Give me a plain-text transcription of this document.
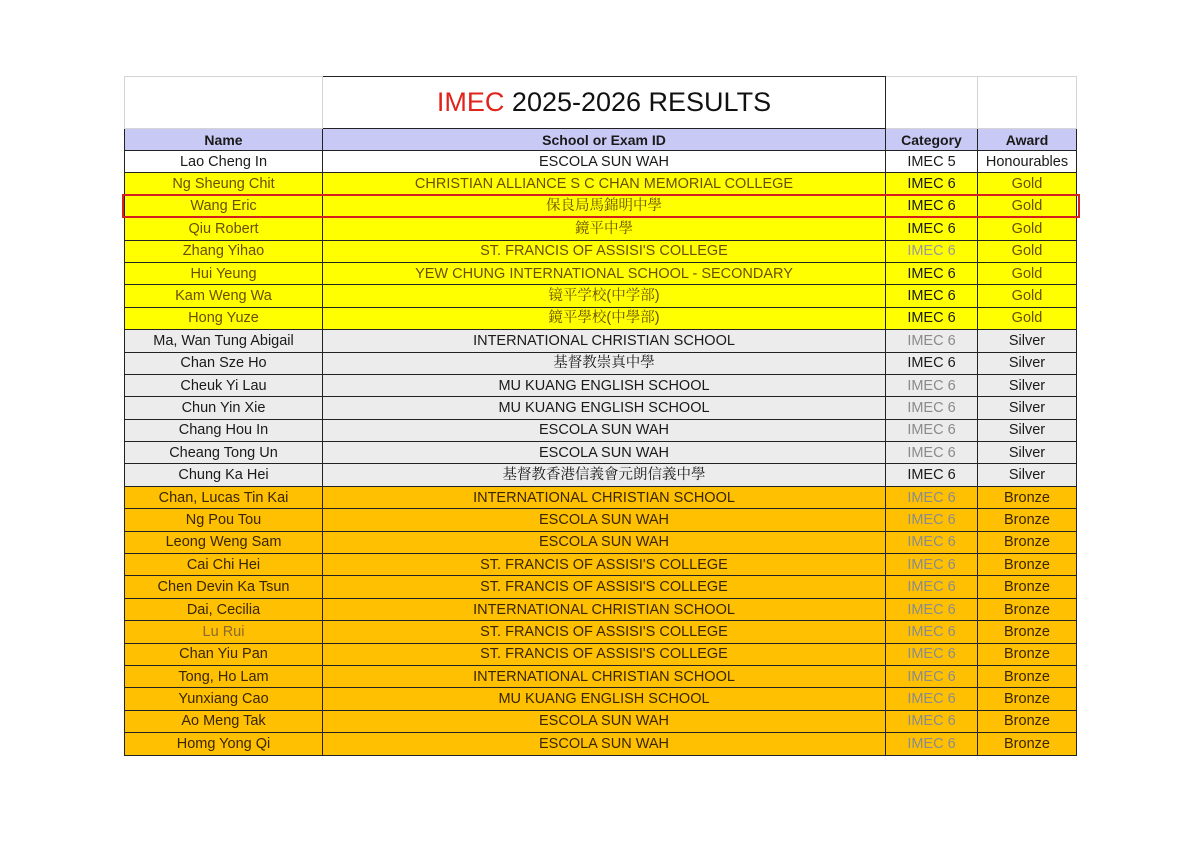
	IMEC 2025-2026 RESULTS		
Name	School or Exam ID	Category	Award
Lao Cheng In	ESCOLA SUN WAH	IMEC 5	Honourables
Ng Sheung Chit	CHRISTIAN ALLIANCE S C CHAN MEMORIAL COLLEGE	IMEC 6	Gold
Wang Eric	保良局馬錦明中學	IMEC 6	Gold
Qiu Robert	鏡平中學	IMEC 6	Gold
Zhang Yihao	ST. FRANCIS OF ASSISI'S COLLEGE	IMEC 6	Gold
Hui Yeung	YEW CHUNG INTERNATIONAL SCHOOL - SECONDARY	IMEC 6	Gold
Kam Weng Wa	镜平学校(中学部)	IMEC 6	Gold
Hong Yuze	鏡平學校(中學部)	IMEC 6	Gold
Ma, Wan Tung Abigail	INTERNATIONAL CHRISTIAN SCHOOL	IMEC 6	Silver
Chan Sze Ho	基督教崇真中學	IMEC 6	Silver
Cheuk Yi Lau	MU KUANG ENGLISH SCHOOL	IMEC 6	Silver
Chun Yin Xie	MU KUANG ENGLISH SCHOOL	IMEC 6	Silver
Chang Hou In	ESCOLA SUN WAH	IMEC 6	Silver
Cheang Tong Un	ESCOLA SUN WAH	IMEC 6	Silver
Chung Ka Hei	基督教香港信義會元朗信義中學	IMEC 6	Silver
Chan, Lucas Tin Kai	INTERNATIONAL CHRISTIAN SCHOOL	IMEC 6	Bronze
Ng Pou Tou	ESCOLA SUN WAH	IMEC 6	Bronze
Leong Weng Sam	ESCOLA SUN WAH	IMEC 6	Bronze
Cai Chi Hei	ST. FRANCIS OF ASSISI'S COLLEGE	IMEC 6	Bronze
Chen Devin Ka Tsun	ST. FRANCIS OF ASSISI'S COLLEGE	IMEC 6	Bronze
Dai, Cecilia	INTERNATIONAL CHRISTIAN SCHOOL	IMEC 6	Bronze
Lu Rui	ST. FRANCIS OF ASSISI'S COLLEGE	IMEC 6	Bronze
Chan Yiu Pan	ST. FRANCIS OF ASSISI'S COLLEGE	IMEC 6	Bronze
Tong, Ho Lam	INTERNATIONAL CHRISTIAN SCHOOL	IMEC 6	Bronze
Yunxiang Cao	MU KUANG ENGLISH SCHOOL	IMEC 6	Bronze
Ao Meng Tak	ESCOLA SUN WAH	IMEC 6	Bronze
Homg Yong Qi	ESCOLA SUN WAH	IMEC 6	Bronze
